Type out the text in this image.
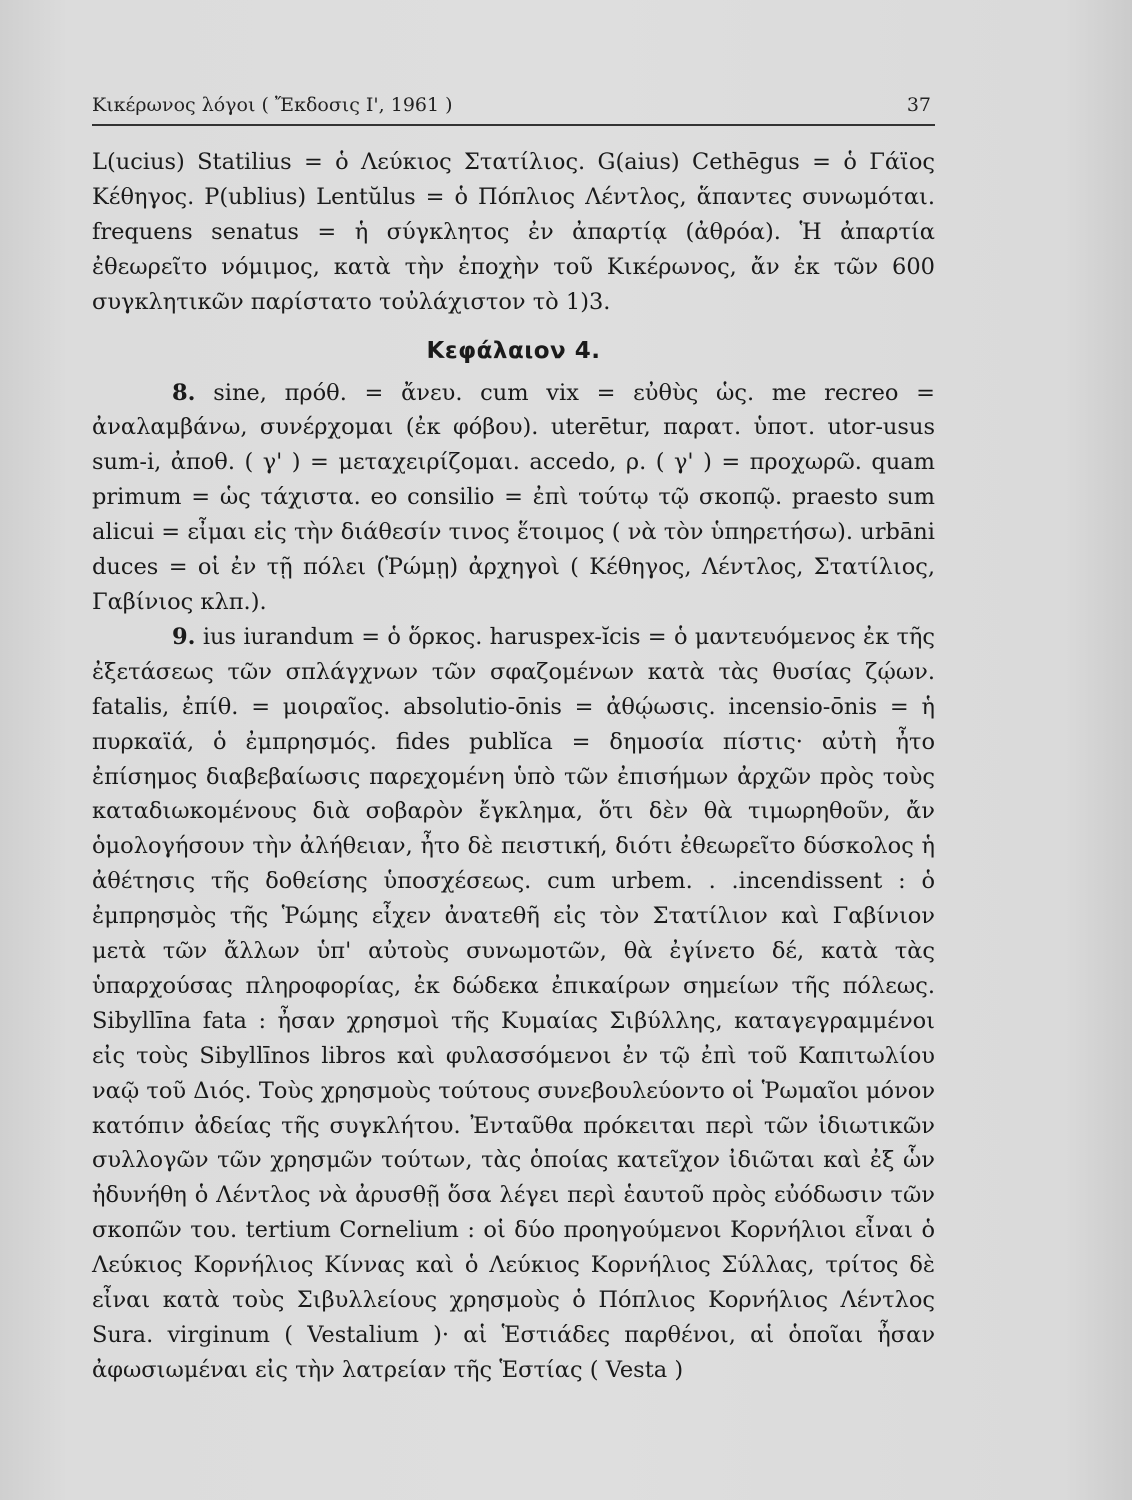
Κικέρωνος λόγοι ( Ἔκδοσις Ι', 1961 )	37

L(ucius) Statilius = ὁ Λεύκιος Στατίλιος. G(aius) Cethēgus = ὁ Γάϊος Κέθηγος. P(ublius) Lentŭlus = ὁ Πόπλιος Λέντλος, ἅπαντες συνωμόται. frequens senatus = ἡ σύγκλητος ἐν ἀπαρτίᾳ (ἀθρόα). Ἡ ἀπαρτία ἐθεωρεῖτο νόμιμος, κατὰ τὴν ἐποχὴν τοῦ Κικέρωνος, ἄν ἐκ τῶν 600 συγκλητικῶν παρίστατο τοὐλάχιστον τὸ 1)3.

Κεφάλαιον 4.

8. sine, πρόθ. = ἄνευ. cum vix = εὐθὺς ὡς. me recreo = ἀναλαμβάνω, συνέρχομαι (ἐκ φόβου). uterētur, παρατ. ὑποτ. utor-usus sum-i, ἀποθ. ( γ' ) = μεταχειρίζομαι. accedo, ρ. ( γ' ) = προχωρῶ. quam primum = ὡς τάχιστα. eo consilio = ἐπὶ τούτῳ τῷ σκοπῷ. praesto sum alicui = εἶμαι εἰς τὴν διάθεσίν τινος ἕτοιμος ( νὰ τὸν ὑπηρετήσω). urbāni duces = οἱ ἐν τῇ πόλει (Ῥώμῃ) ἀρχηγοὶ ( Κέθηγος, Λέντλος, Στατίλιος, Γαβίνιος κλπ.).

9. ius iurandum = ὁ ὅρκος. haruspex-ĭcis = ὁ μαντευόμενος ἐκ τῆς ἐξετάσεως τῶν σπλάγχνων τῶν σφαζομένων κατὰ τὰς θυσίας ζῴων. fatalis, ἐπίθ. = μοιραῖος. absolutio-ōnis = ἀθῴωσις. incensio-ōnis = ἡ πυρκαϊά, ὁ ἐμπρησμός. fides publĭca = δημοσία πίστις· αὐτὴ ἦτο ἐπίσημος διαβεβαίωσις παρεχομένη ὑπὸ τῶν ἐπισήμων ἀρχῶν πρὸς τοὺς καταδιωκομένους διὰ σοβαρὸν ἔγκλημα, ὅτι δὲν θὰ τιμωρηθοῦν, ἄν ὁμολογήσουν τὴν ἀλήθειαν, ἦτο δὲ πειστική, διότι ἐθεωρεῖτο δύσκολος ἡ ἀθέτησις τῆς δοθείσης ὑποσχέσεως. cum urbem. . .incendissent : ὁ ἐμπρησμὸς τῆς Ῥώμης εἶχεν ἀνατεθῆ εἰς τὸν Στατίλιον καὶ Γαβίνιον μετὰ τῶν ἄλλων ὑπ' αὐτοὺς συνωμοτῶν, θὰ ἐγίνετο δέ, κατὰ τὰς ὑπαρχούσας πληροφορίας, ἐκ δώδεκα ἐπικαίρων σημείων τῆς πόλεως. Sibyllīna fata : ἦσαν χρησμοὶ τῆς Κυμαίας Σιβύλλης, καταγεγραμμένοι εἰς τοὺς Sibyllīnos libros καὶ φυλασσόμενοι ἐν τῷ ἐπὶ τοῦ Καπιτωλίου ναῷ τοῦ Διός. Τοὺς χρησμοὺς τούτους συνεβουλεύοντο οἱ Ῥωμαῖοι μόνον κατόπιν ἀδείας τῆς συγκλήτου. Ἐνταῦθα πρόκειται περὶ τῶν ἰδιωτικῶν συλλογῶν τῶν χρησμῶν τούτων, τὰς ὁποίας κατεῖχον ἰδιῶται καὶ ἐξ ὧν ἠδυνήθη ὁ Λέντλος νὰ ἀρυσθῇ ὅσα λέγει περὶ ἑαυτοῦ πρὸς εὐόδωσιν τῶν σκοπῶν του. tertium Cornelium : οἱ δύο προηγούμενοι Κορνήλιοι εἶναι ὁ Λεύκιος Κορνήλιος Κίννας καὶ ὁ Λεύκιος Κορνήλιος Σύλλας, τρίτος δὲ εἶναι κατὰ τοὺς Σιβυλλείους χρησμοὺς ὁ Πόπλιος Κορνήλιος Λέντλος Sura. virginum ( Vestalium )· αἱ Ἑστιάδες παρθένοι, αἱ ὁποῖαι ἦσαν ἀφωσιωμέναι εἰς τὴν λατρείαν τῆς Ἑστίας ( Vesta )
